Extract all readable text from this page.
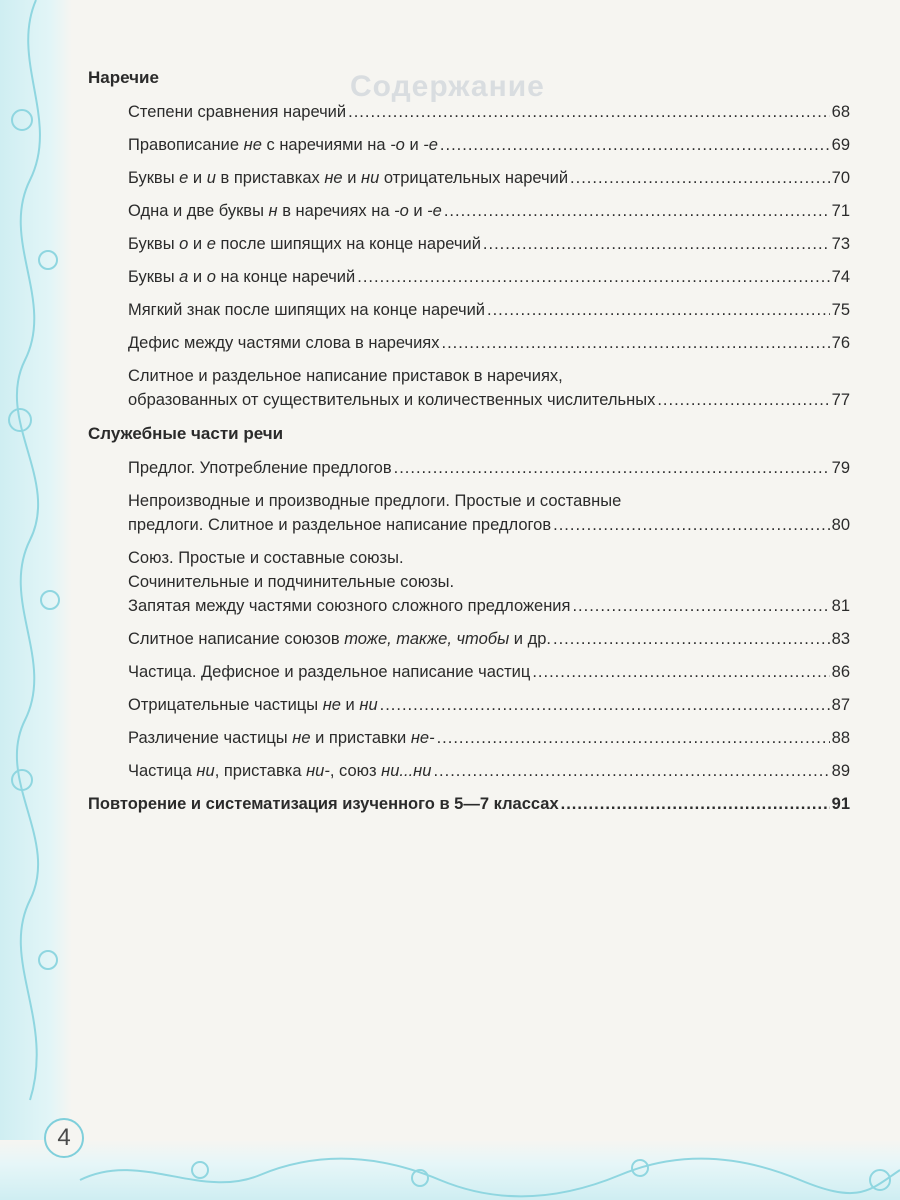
Содержание
Наречие
Степени сравнения наречий .....	68
Правописание не с наречиями на -о и -е .....	69
Буквы е и и в приставках не и ни отрицательных наречий .....	70
Одна и две буквы н в наречиях на -о и -е .....	71
Буквы о и е после шипящих на конце наречий .....	73
Буквы а и о на конце наречий .....	74
Мягкий знак после шипящих на конце наречий .....	75
Дефис между частями слова в наречиях .....	76
Слитное и раздельное написание приставок в наречиях,
образованных от существительных и количественных числительных .....	77
Служебные части речи
Предлог. Употребление предлогов .....	79
Непроизводные и производные предлоги. Простые и составные
предлоги. Слитное и раздельное написание предлогов .....	80
Союз. Простые и составные союзы.
Сочинительные и подчинительные союзы.
Запятая между частями союзного сложного предложения .....	81
Слитное написание союзов тоже, также, чтобы и др. .....	83
Частица. Дефисное и раздельное написание частиц .....	86
Отрицательные частицы не и ни .....	87
Различение частицы не и приставки не- .....	88
Частица ни, приставка ни-, союз ни...ни .....	89
Повторение и систематизация изученного в 5—7 классах .....	91
4
